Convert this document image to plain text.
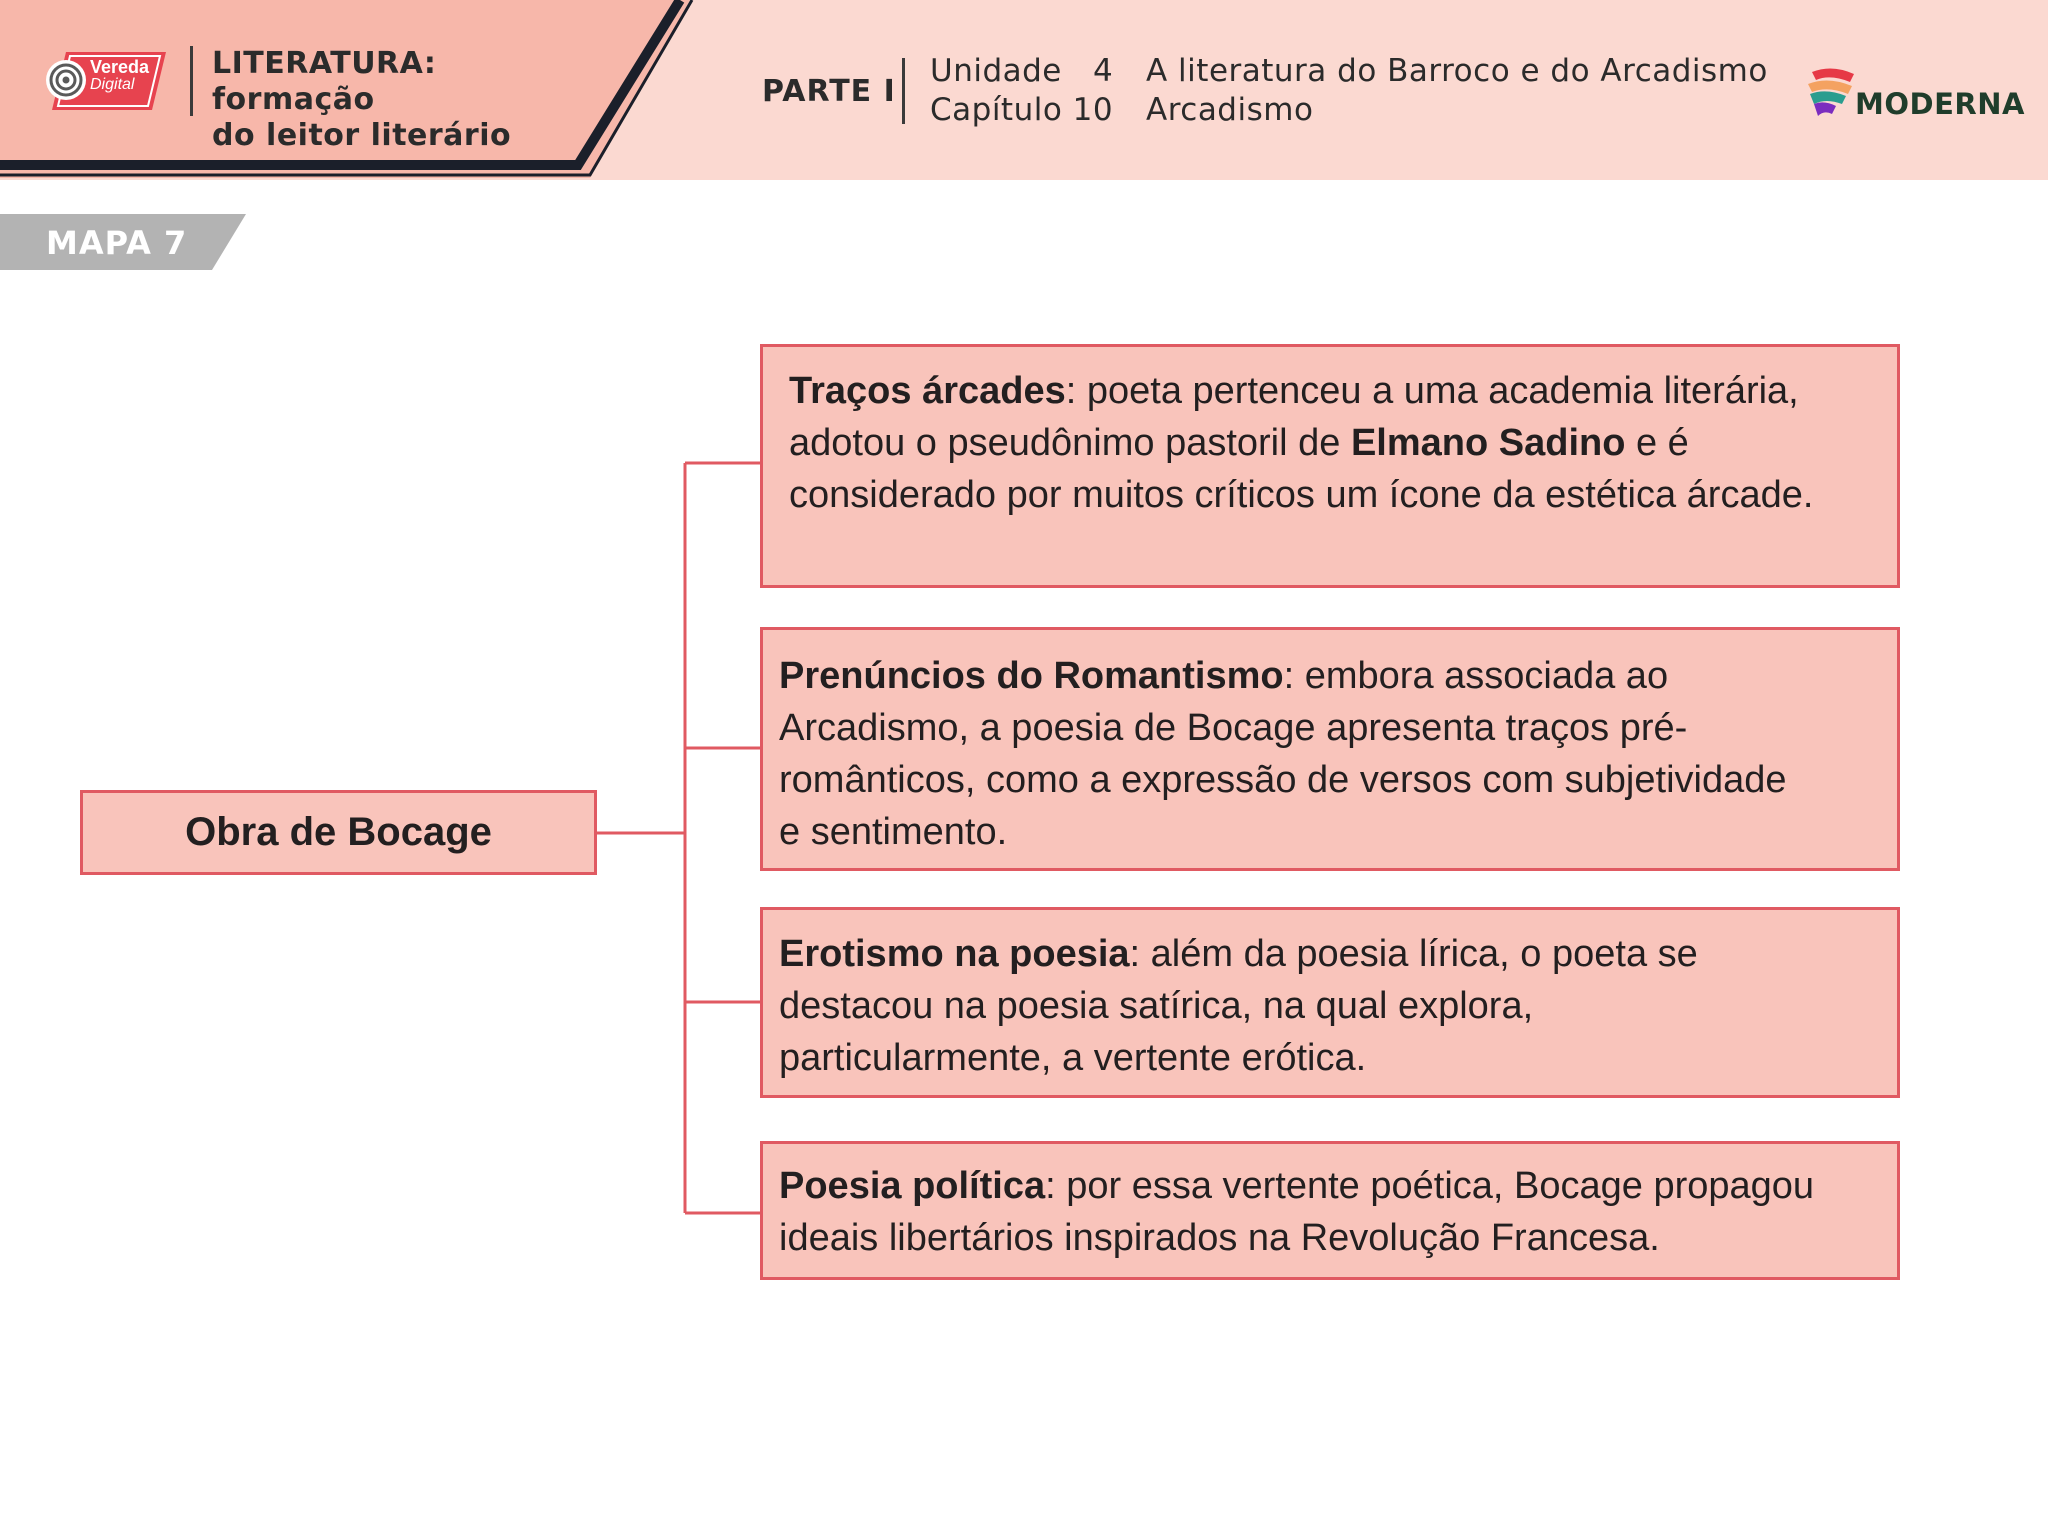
Vereda
Digital
LITERATURA: formação
do leitor literário
PARTE I
Unidade 4	A literatura do Barroco e do Arcadismo
Capítulo 10	Arcadismo	MODERNA
MAPA 7
Obra de Bocage
Traços árcades: poeta pertenceu a uma academia literária, adotou o pseudônimo pastoril de Elmano Sadino e é considerado por muitos críticos um ícone da estética árcade.
Prenúncios do Romantismo: embora associada ao Arcadismo, a poesia de Bocage apresenta traços pré-românticos, como a expressão de versos com subjetividade e sentimento.
Erotismo na poesia: além da poesia lírica, o poeta se destacou na poesia satírica, na qual explora, particularmente, a vertente erótica.
Poesia política: por essa vertente poética, Bocage propagou ideais libertários inspirados na Revolução Francesa.
